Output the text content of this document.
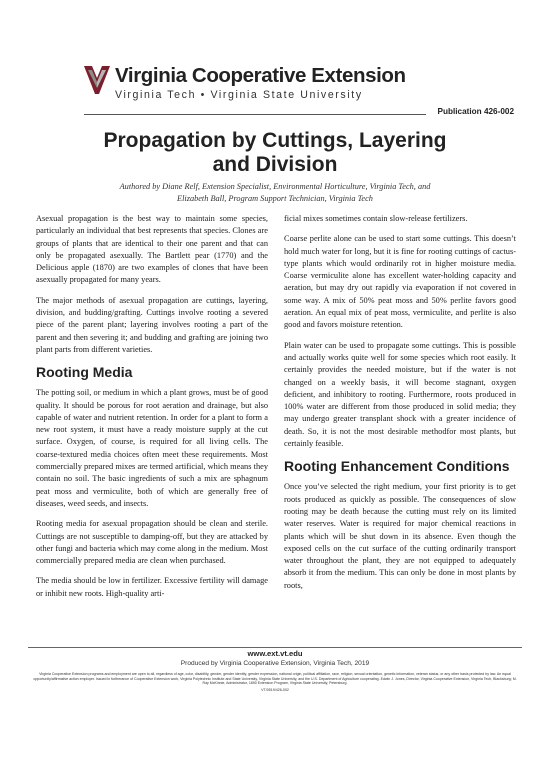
Virginia Cooperative Extension
Virginia Tech • Virginia State University
Publication 426-002
Propagation by Cuttings, Layering
and Division

Authored by Diane Relf, Extension Specialist, Environmental Horticulture, Virginia Tech, and

Elizabeth Ball, Program Support Technician, Virginia Tech

Asexual propagation is the best way to maintain some species, particularly an individual that best represents that species. Clones are groups of plants that are identical to their one parent and that can only be propagated asexually. The Bartlett pear (1770) and the Delicious apple (1870) are two examples of clones that have been asexually propagated for many years.

The major methods of asexual propagation are cuttings, layering, division, and budding/grafting. Cuttings involve rooting a severed piece of the parent plant; layering involves rooting a part of the parent and then severing it; and budding and grafting are joining two plant parts from different varieties.

Rooting Media

The potting soil, or medium in which a plant grows, must be of good quality. It should be porous for root aeration and drainage, but also capable of water and nutrient retention. In order for a plant to form a new root system, it must have a ready moisture supply at the cut surface. Oxygen, of course, is required for all living cells. The coarse-textured media choices often meet these requirements. Most commercially prepared mixes are termed artificial, which means they contain no soil. The basic ingredients of such a mix are sphagnum peat moss and vermiculite, both of which are generally free of diseases, weed seeds, and insects.

Rooting media for asexual propagation should be clean and sterile. Cuttings are not susceptible to damping-off, but they are attacked by other fungi and bacteria which may come along in the medium. Most commercially prepared media are clean when purchased.

The media should be low in fertilizer. Excessive fertility will damage or inhibit new roots. High-quality arti-

ficial mixes sometimes contain slow-release fertilizers.

Coarse perlite alone can be used to start some cuttings. This doesn’t hold much water for long, but it is fine for rooting cuttings of cactus-type plants which would ordinarily rot in higher moisture media. Coarse vermiculite alone has excellent water-holding capacity and aeration, but may dry out rapidly via evaporation if not covered in some way. A mix of 50% peat moss and 50% perlite favors good aeration. An equal mix of peat moss, vermiculite, and perlite is also good and favors moisture retention.

Plain water can be used to propagate some cuttings. This is possible and actually works quite well for some species which root easily. It certainly provides the needed moisture, but if the water is not changed on a weekly basis, it will become stagnant, oxygen deficient, and inhibitory to rooting. Furthermore, roots produced in 100% water are different from those produced in solid media; they may undergo greater transplant shock with a greater incidence of death. So, it is not the most desirable methodfor most plants, but certainly feasible.

Rooting Enhancement Conditions

Once you’ve selected the right medium, your first priority is to get roots produced as quickly as possible. The consequences of slow rooting may be death because the cutting must rely on its limited water reserves. Water is required for major chemical reactions in plants which will be shut down in its absence. Even though the exposed cells on the cut surface of the cutting ordinarily transport water throughout the plant, they are not equipped to adequately absorb it from the medium. This can only be done in most plants by roots,

www.ext.vt.edu
Produced by Virginia Cooperative Extension, Virginia Tech, 2019

Virginia Cooperative Extension programs and employment are open to all, regardless of age, color, disability, gender, gender identity, gender expression, national origin, political affiliation, race, religion, sexual orientation, genetic information, veteran status, or any other basis protected by law. An equal opportunity/affirmative action employer. Issued in furtherance of Cooperative Extension work, Virginia Polytechnic Institute and State University, Virginia State University, and the U.S. Department of Agriculture cooperating. Edwin J. Jones, Director, Virginia Cooperative Extension, Virginia Tech, Blacksburg; M. Ray McKinnie, Administrator, 1890 Extension Program, Virginia State University, Petersburg.

VT/0519/426-002
